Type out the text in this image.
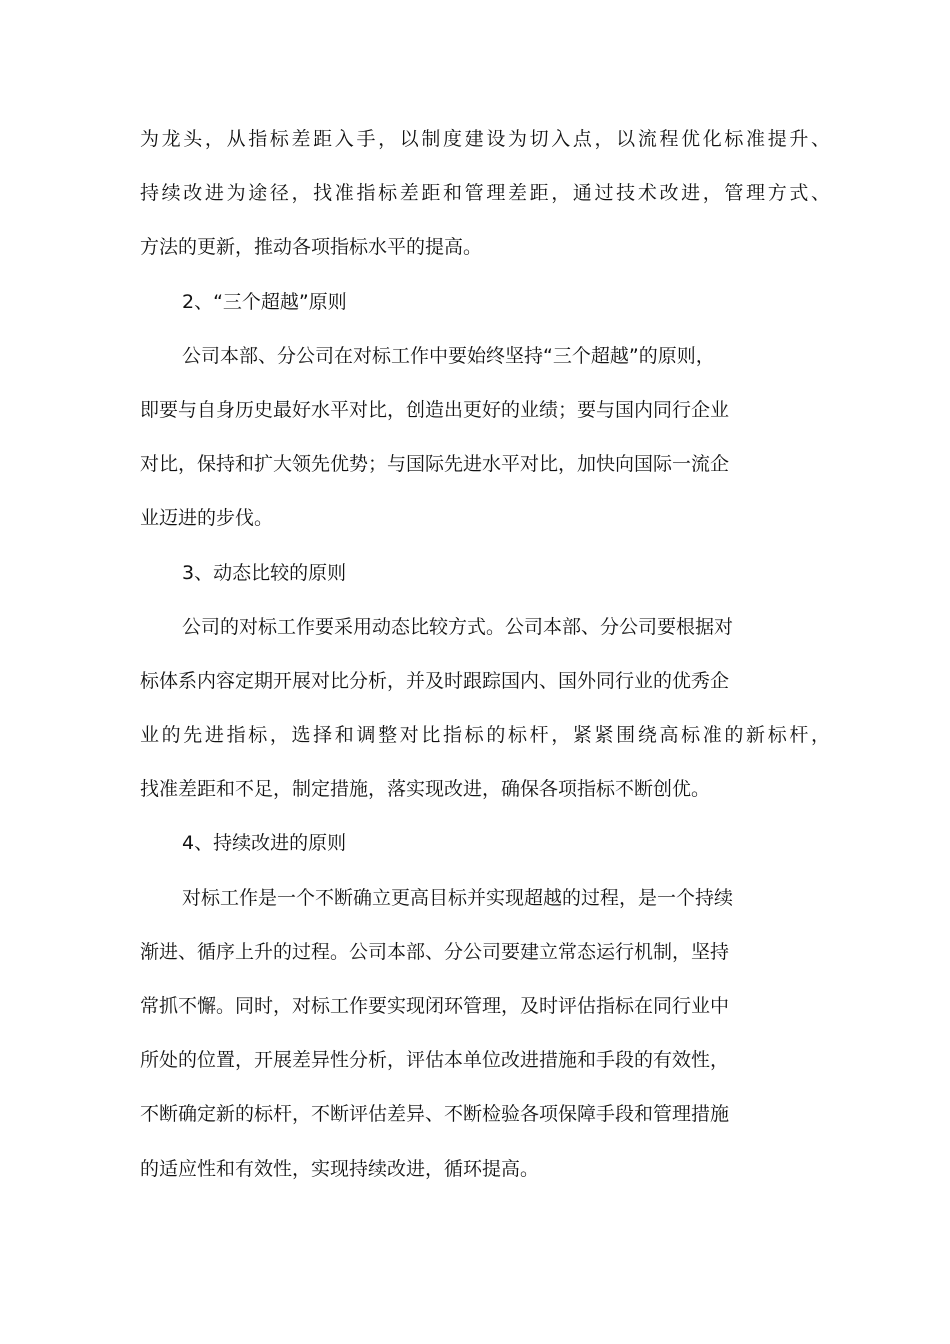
为龙头，从指标差距入手，以制度建设为切入点，以流程优化标准提升、
持续改进为途径，找准指标差距和管理差距，通过技术改进，管理方式、
方法的更新，推动各项指标水平的提高。
2、“三个超越”原则
公司本部、分公司在对标工作中要始终坚持“三个超越”的原则，
即要与自身历史最好水平对比，创造出更好的业绩；要与国内同行企业
对比，保持和扩大领先优势；与国际先进水平对比，加快向国际一流企
业迈进的步伐。
3、动态比较的原则
公司的对标工作要采用动态比较方式。公司本部、分公司要根据对
标体系内容定期开展对比分析，并及时跟踪国内、国外同行业的优秀企
业的先进指标，选择和调整对比指标的标杆，紧紧围绕高标准的新标杆，
找准差距和不足，制定措施，落实现改进，确保各项指标不断创优。
4、持续改进的原则
对标工作是一个不断确立更高目标并实现超越的过程，是一个持续
渐进、循序上升的过程。公司本部、分公司要建立常态运行机制，坚持
常抓不懈。同时，对标工作要实现闭环管理，及时评估指标在同行业中
所处的位置，开展差异性分析，评估本单位改进措施和手段的有效性，
不断确定新的标杆，不断评估差异、不断检验各项保障手段和管理措施
的适应性和有效性，实现持续改进，循环提高。
